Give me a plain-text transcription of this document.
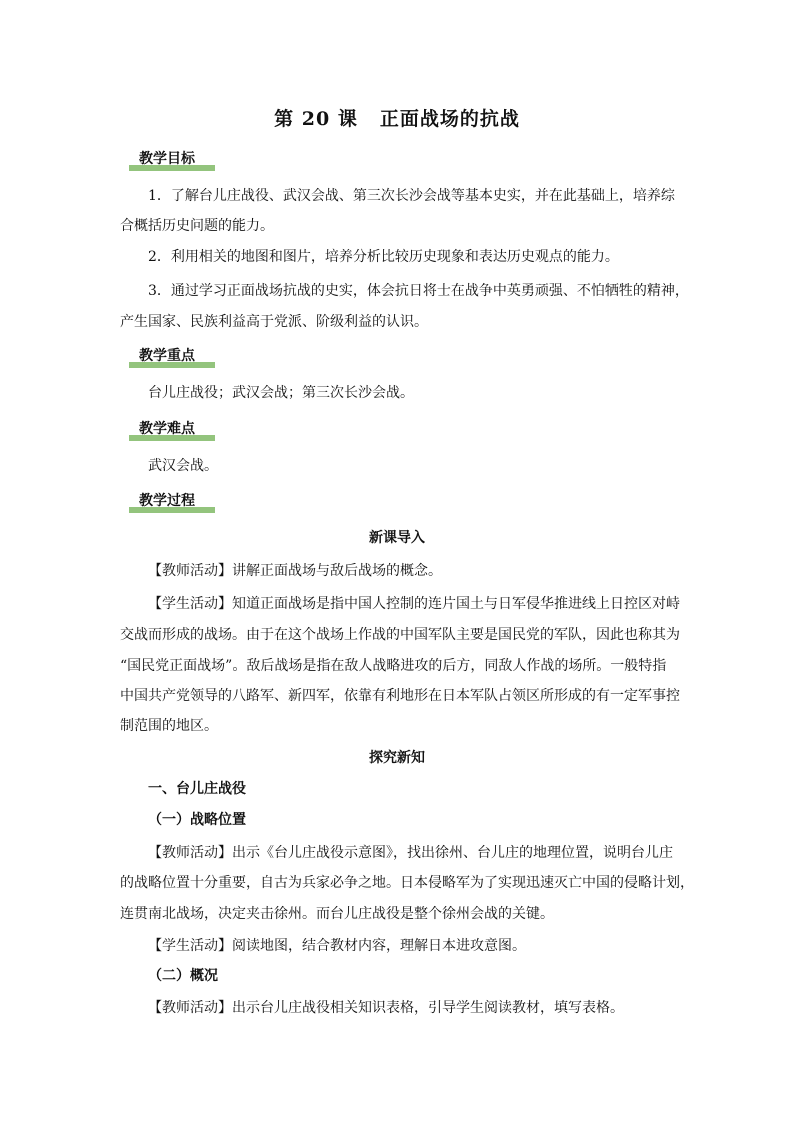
第 20 课 正面战场的抗战
教学目标
1．了解台儿庄战役、武汉会战、第三次长沙会战等基本史实，并在此基础上，培养综
合概括历史问题的能力。
2．利用相关的地图和图片，培养分析比较历史现象和表达历史观点的能力。
3．通过学习正面战场抗战的史实，体会抗日将士在战争中英勇顽强、不怕牺牲的精神，
产生国家、民族利益高于党派、阶级利益的认识。
教学重点
台儿庄战役；武汉会战；第三次长沙会战。
教学难点
武汉会战。
教学过程
新课导入
【教师活动】讲解正面战场与敌后战场的概念。
【学生活动】知道正面战场是指中国人控制的连片国土与日军侵华推进线上日控区对峙
交战而形成的战场。由于在这个战场上作战的中国军队主要是国民党的军队，因此也称其为
“国民党正面战场”。敌后战场是指在敌人战略进攻的后方，同敌人作战的场所。一般特指
中国共产党领导的八路军、新四军，依靠有利地形在日本军队占领区所形成的有一定军事控
制范围的地区。
探究新知
一、台儿庄战役
（一）战略位置
【教师活动】出示《台儿庄战役示意图》，找出徐州、台儿庄的地理位置，说明台儿庄
的战略位置十分重要，自古为兵家必争之地。日本侵略军为了实现迅速灭亡中国的侵略计划，
连贯南北战场，决定夹击徐州。而台儿庄战役是整个徐州会战的关键。
【学生活动】阅读地图，结合教材内容，理解日本进攻意图。
（二）概况
【教师活动】出示台儿庄战役相关知识表格，引导学生阅读教材，填写表格。
